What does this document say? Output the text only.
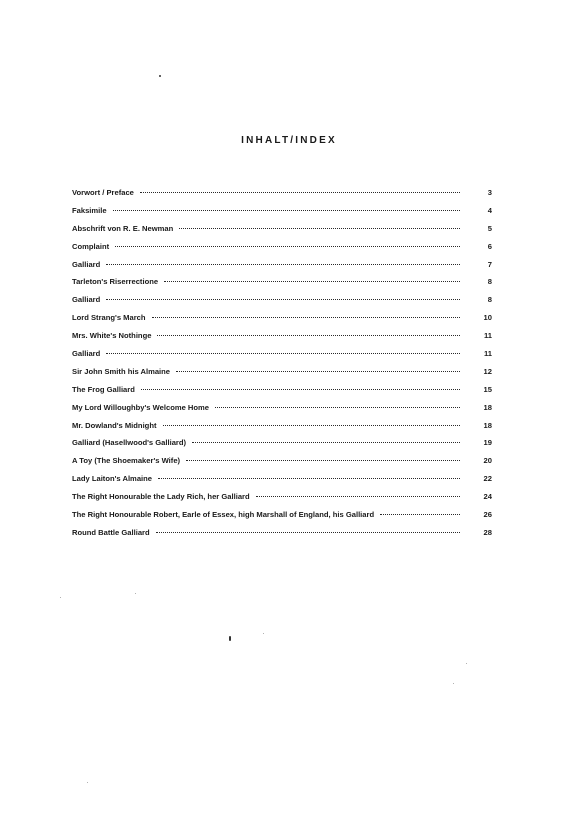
INHALT/INDEX
Vorwort / Preface	3
Faksimile	4
Abschrift von R. E. Newman	5
Complaint	6
Galliard	7
Tarleton's Riserrectione	8
Galliard	8
Lord Strang's March	10
Mrs. White's Nothinge	11
Galliard	11
Sir John Smith his Almaine	12
The Frog Galliard	15
My Lord Willoughby's Welcome Home	18
Mr. Dowland's Midnight	18
Galliard (Hasellwood's Galliard)	19
A Toy (The Shoemaker's Wife)	20
Lady Laiton's Almaine	22
The Right Honourable the Lady Rich, her Galliard	24
The Right Honourable Robert, Earle of Essex, high Marshall of England, his Galliard	26
Round Battle Galliard	28
